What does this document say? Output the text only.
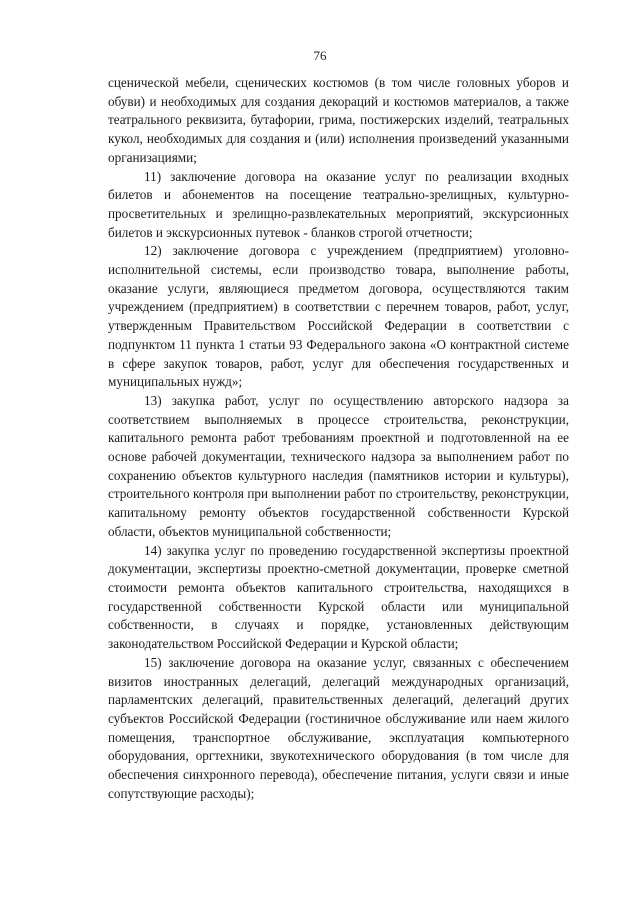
76

сценической мебели, сценических костюмов (в том числе головных уборов и обуви) и необходимых для создания декораций и костюмов материалов, а также театрального реквизита, бутафории, грима, постижерских изделий, театральных кукол, необходимых для создания и (или) исполнения произведений указанными организациями;

11) заключение договора на оказание услуг по реализации входных билетов и абонементов на посещение театрально-зрелищных, культурно-просветительных и зрелищно-развлекательных мероприятий, экскурсионных билетов и экскурсионных путевок - бланков строгой отчетности;

12) заключение договора с учреждением (предприятием) уголовно-исполнительной системы, если производство товара, выполнение работы, оказание услуги, являющиеся предметом договора, осуществляются таким учреждением (предприятием) в соответствии с перечнем товаров, работ, услуг, утвержденным Правительством Российской Федерации в соответствии с подпунктом 11 пункта 1 статьи 93 Федерального закона «О контрактной системе в сфере закупок товаров, работ, услуг для обеспечения государственных и муниципальных нужд»;

13) закупка работ, услуг по осуществлению авторского надзора за соответствием выполняемых в процессе строительства, реконструкции, капитального ремонта работ требованиям проектной и подготовленной на ее основе рабочей документации, технического надзора за выполнением работ по сохранению объектов культурного наследия (памятников истории и культуры), строительного контроля при выполнении работ по строительству, реконструкции, капитальному ремонту объектов государственной собственности Курской области, объектов муниципальной собственности;

14) закупка услуг по проведению государственной экспертизы проектной документации, экспертизы проектно-сметной документации, проверке сметной стоимости ремонта объектов капитального строительства, находящихся в государственной собственности Курской области или муниципальной собственности, в случаях и порядке, установленных действующим законодательством Российской Федерации и Курской области;

15) заключение договора на оказание услуг, связанных с обеспечением визитов иностранных делегаций, делегаций международных организаций, парламентских делегаций, правительственных делегаций, делегаций других субъектов Российской Федерации (гостиничное обслуживание или наем жилого помещения, транспортное обслуживание, эксплуатация компьютерного оборудования, оргтехники, звукотехнического оборудования (в том числе для обеспечения синхронного перевода), обеспечение питания, услуги связи и иные сопутствующие расходы);
